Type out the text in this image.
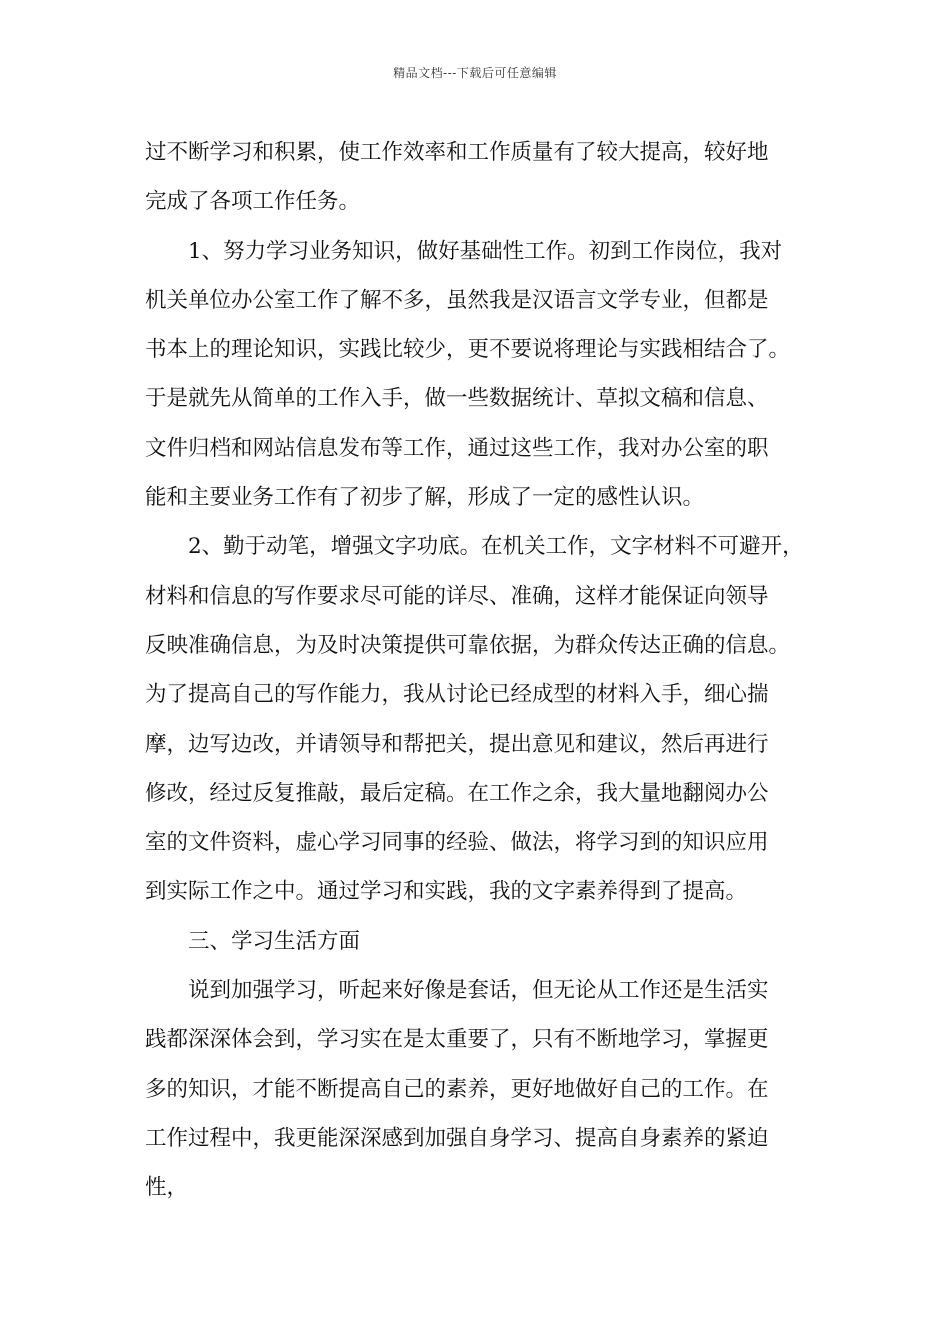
精品文档---下载后可任意编辑
过不断学习和积累，使工作效率和工作质量有了较大提高，较好地
完成了各项工作任务。
1、努力学习业务知识，做好基础性工作。初到工作岗位，我对
机关单位办公室工作了解不多，虽然我是汉语言文学专业，但都是
书本上的理论知识，实践比较少，更不要说将理论与实践相结合了。
于是就先从简单的工作入手，做一些数据统计、草拟文稿和信息、
文件归档和网站信息发布等工作，通过这些工作，我对办公室的职
能和主要业务工作有了初步了解，形成了一定的感性认识。
2、勤于动笔，增强文字功底。在机关工作，文字材料不可避开，
材料和信息的写作要求尽可能的详尽、准确，这样才能保证向领导
反映准确信息，为及时决策提供可靠依据，为群众传达正确的信息。
为了提高自己的写作能力，我从讨论已经成型的材料入手，细心揣
摩，边写边改，并请领导和帮把关，提出意见和建议，然后再进行
修改，经过反复推敲，最后定稿。在工作之余，我大量地翻阅办公
室的文件资料，虚心学习同事的经验、做法，将学习到的知识应用
到实际工作之中。通过学习和实践，我的文字素养得到了提高。
三、学习生活方面
说到加强学习，听起来好像是套话，但无论从工作还是生活实
践都深深体会到，学习实在是太重要了，只有不断地学习，掌握更
多的知识，才能不断提高自己的素养，更好地做好自己的工作。在
工作过程中，我更能深深感到加强自身学习、提高自身素养的紧迫
性，
